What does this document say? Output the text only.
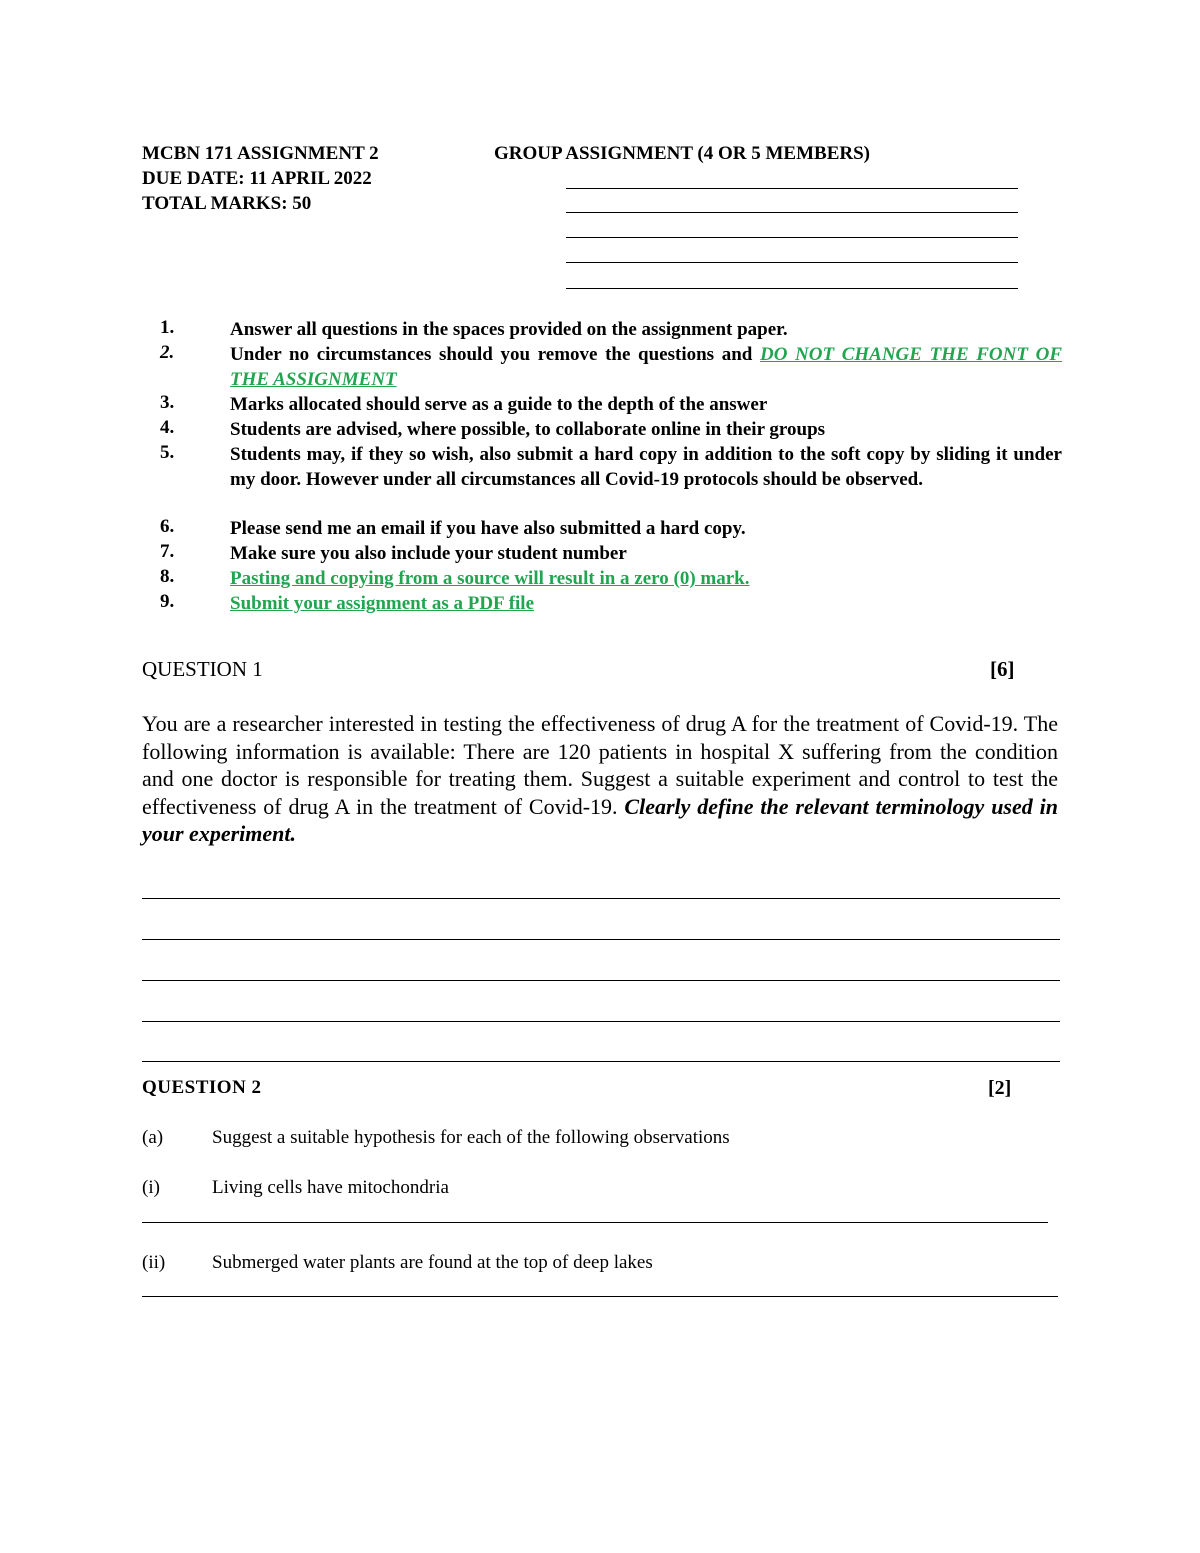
MCBN 171 ASSIGNMENT 2
DUE DATE: 11 APRIL 2022
TOTAL MARKS: 50
GROUP ASSIGNMENT (4 OR 5 MEMBERS)
1.	Answer all questions in the spaces provided on the assignment paper.
2.	Under no circumstances should you remove the questions and DO NOT CHANGE THE FONT OF THE ASSIGNMENT
3.	Marks allocated should serve as a guide to the depth of the answer
4.	Students are advised, where possible, to collaborate online in their groups
5.	Students may, if they so wish, also submit a hard copy in addition to the soft copy by sliding it under my door. However under all circumstances all Covid-19 protocols should be observed.
6.	Please send me an email if you have also submitted a hard copy.
7.	Make sure you also include your student number
8.	Pasting and copying from a source will result in a zero (0) mark.
9.	Submit your assignment as a PDF file
QUESTION 1	[6]
You are a researcher interested in testing the effectiveness of drug A for the treatment of Covid-19. The following information is available: There are 120 patients in hospital X suffering from the condition and one doctor is responsible for treating them. Suggest a suitable experiment and control to test the effectiveness of drug A in the treatment of Covid-19. Clearly define the relevant terminology used in your experiment.
QUESTION 2	[2]
(a)	Suggest a suitable hypothesis for each of the following observations
(i)	Living cells have mitochondria
(ii) Submerged water plants are found at the top of deep lakes
